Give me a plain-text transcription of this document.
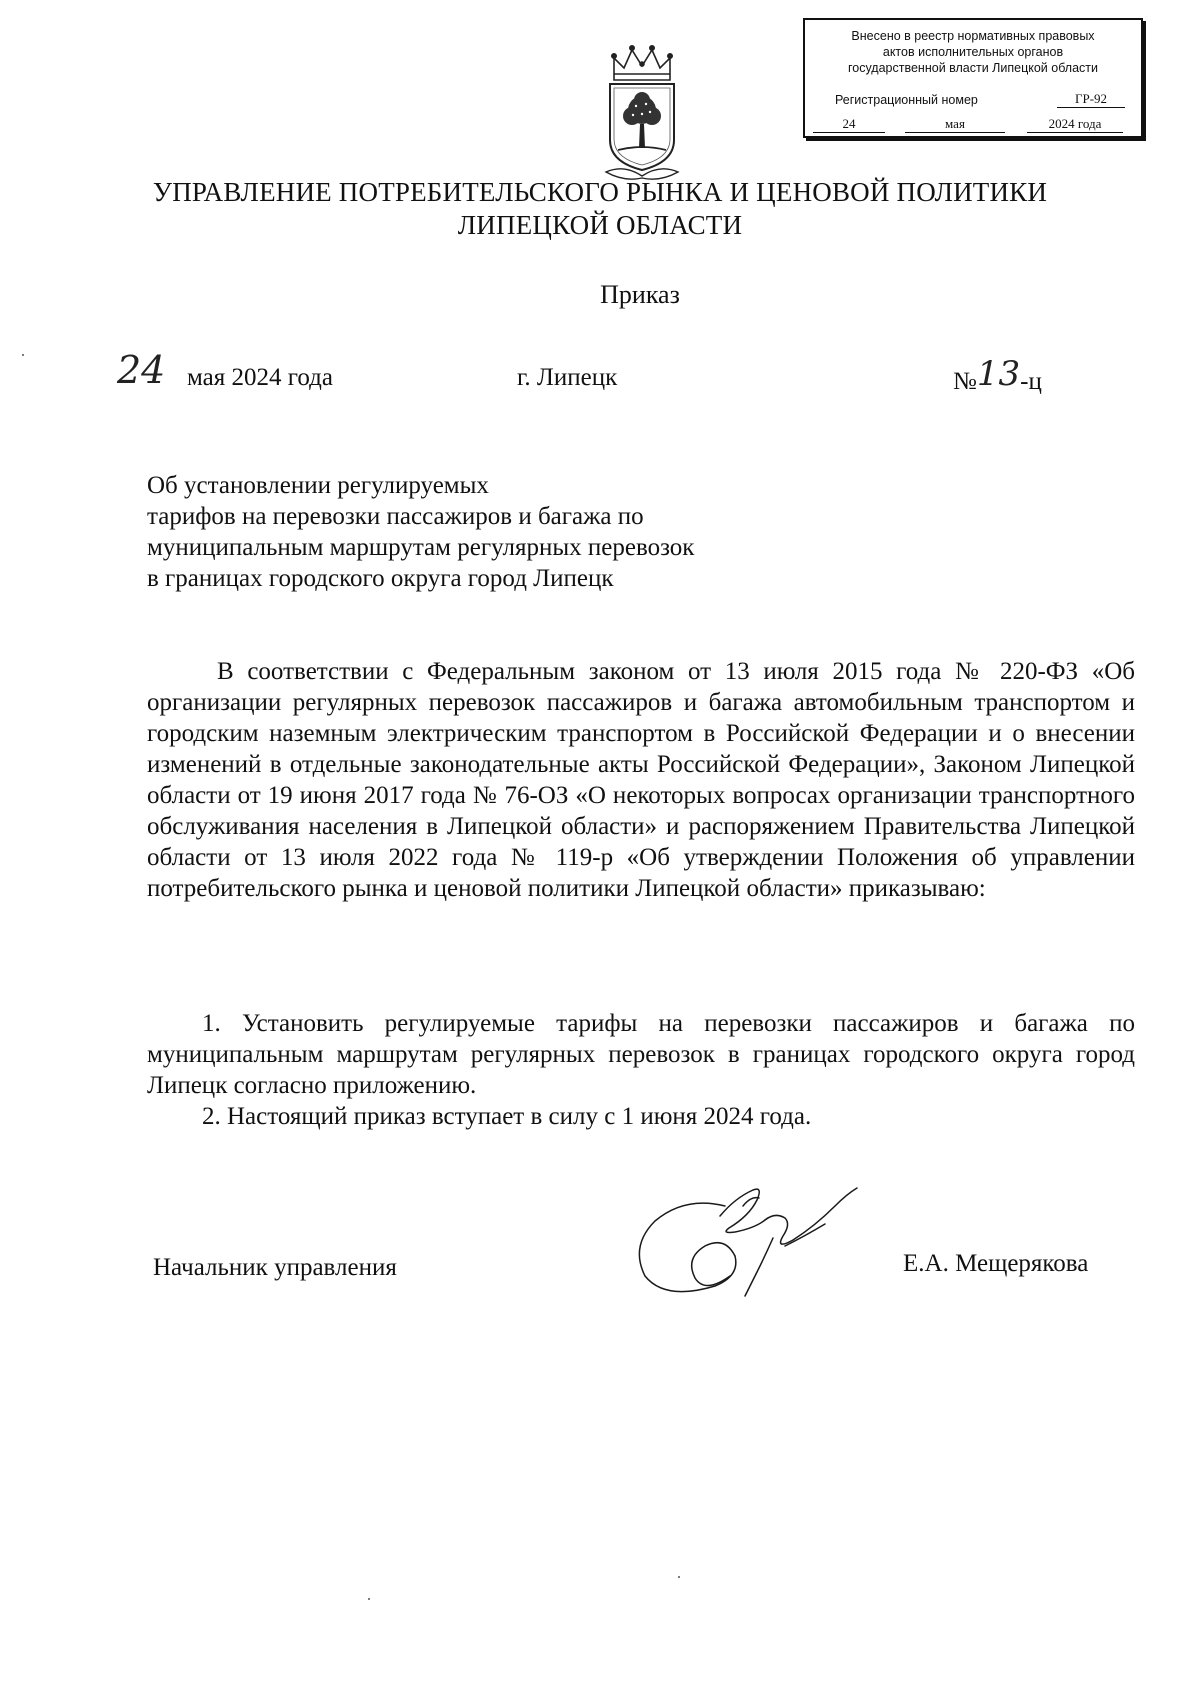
Внесено в реестр нормативных правовых
актов исполнительных органов
государственной власти Липецкой области
Регистрационный номер	ГР-92
24	мая	2024 года
УПРАВЛЕНИЕ ПОТРЕБИТЕЛЬСКОГО РЫНКА И ЦЕНОВОЙ ПОЛИТИКИ
ЛИПЕЦКОЙ ОБЛАСТИ
Приказ
24 мая 2024 года	г. Липецк	№13-ц
Об установлении регулируемых
тарифов на перевозки пассажиров и багажа по
муниципальным маршрутам регулярных перевозок
в границах городского округа город Липецк

В соответствии с Федеральным законом от 13 июля 2015 года № 220-ФЗ «Об организации регулярных перевозок пассажиров и багажа автомобильным транспортом и городским наземным электрическим транспортом в Российской Федерации и о внесении изменений в отдельные законодательные акты Российской Федерации», Законом Липецкой области от 19 июня 2017 года № 76-ОЗ «О некоторых вопросах организации транспортного обслуживания населения в Липецкой области» и распоряжением Правительства Липецкой области от 13 июля 2022 года № 119-р «Об утверждении Положения об управлении потребительского рынка и ценовой политики Липецкой области» приказываю:

1. Установить регулируемые тарифы на перевозки пассажиров и багажа по муниципальным маршрутам регулярных перевозок в границах городского округа город Липецк согласно приложению.

2. Настоящий приказ вступает в силу с 1 июня 2024 года.

Начальник управления	Е.А. Мещерякова
